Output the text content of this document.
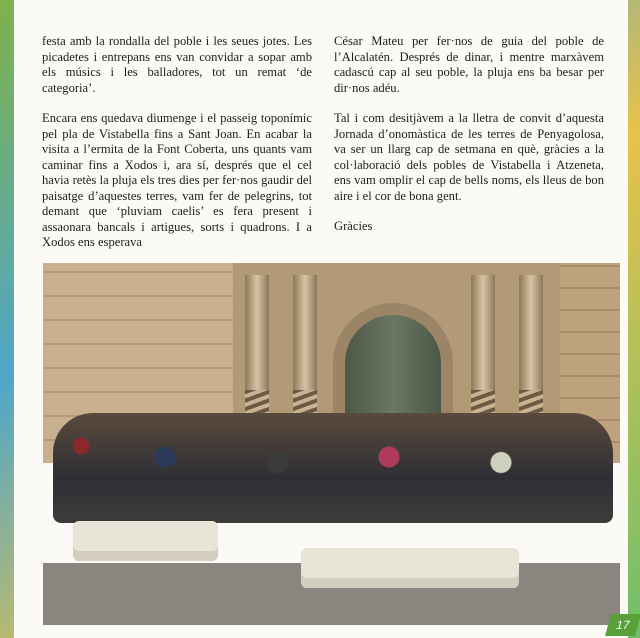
festa amb la rondalla del poble i les seues jotes. Les picadetes i entrepans ens van convidar a sopar amb els músics i les balladores, tot un remat ‘de categoria’.

Encara ens quedava diumenge i el passeig toponímic pel pla de Vistabella fins a Sant Joan. En acabar la visita a l’ermita de la Font Coberta, uns quants vam caminar fins a Xodos i, ara sí, després que el cel havia retès la pluja els tres dies per fer·nos gaudir del paisatge d’aquestes terres, vam fer de pelegrins, tot demant que ‘pluviam caelis’ es fera present i assaonara bancals i artigues, sorts i quadrons. I a Xodos ens esperava

César Mateu per fer·nos de guia del poble de l’Alcalatén. Després de dinar, i mentre marxàvem cadascú cap al seu poble, la pluja ens ba besar per dir·nos adéu.

Tal i com desitjàvem a la lletra de convit d’aquesta Jornada d’onomàstica de les terres de Penyagolosa, va ser un llarg cap de setmana en què, gràcies a la col·laboració dels pobles de Vistabella i Atzeneta, ens vam omplir el cap de bells noms, els lleus de bon aire i el cor de bona gent.

Gràcies

17
